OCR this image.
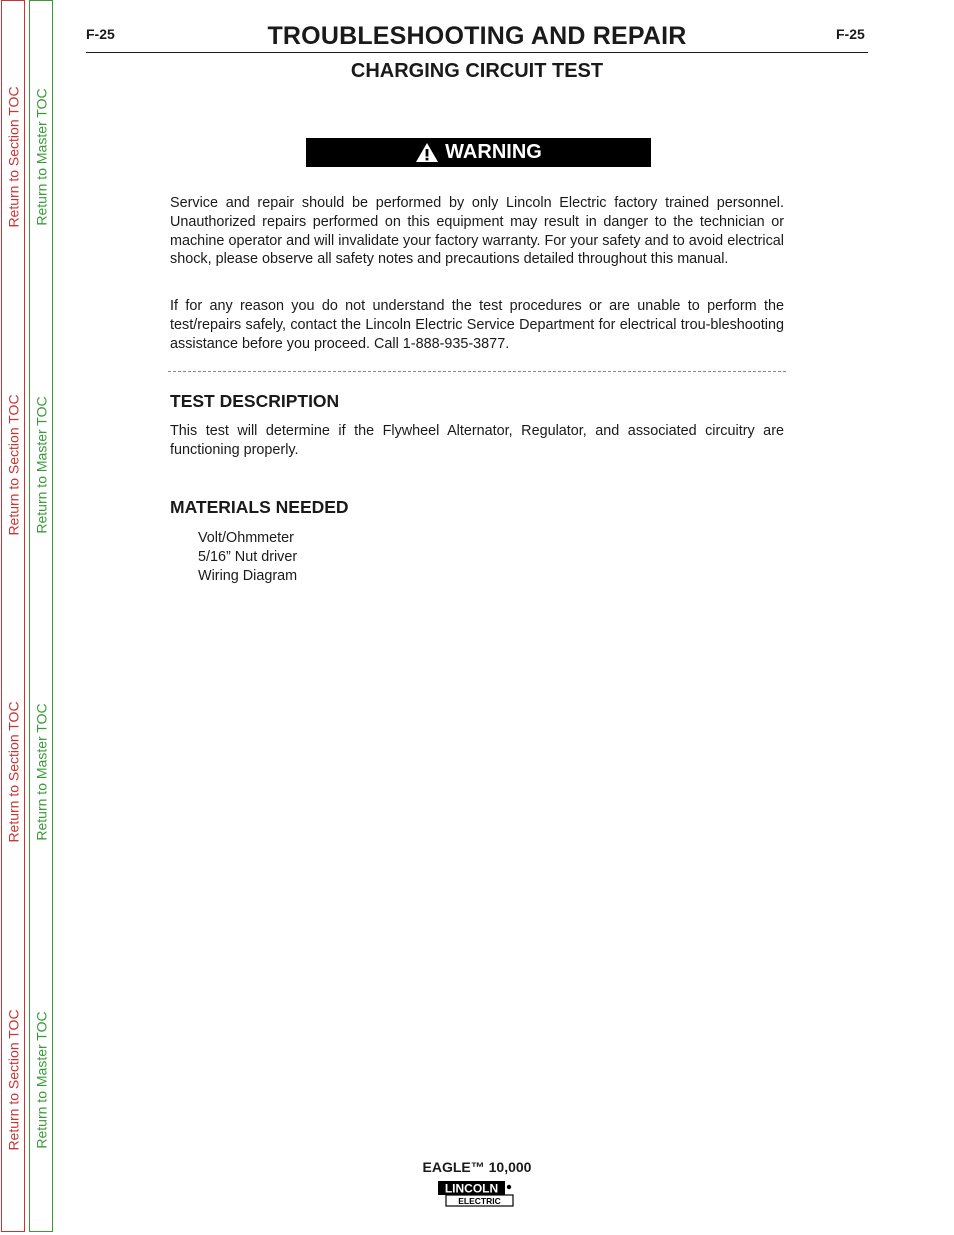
Return to Section TOC
Return to Section TOC
Return to Section TOC
Return to Section TOC
Return to Master TOC
Return to Master TOC
Return to Master TOC
Return to Master TOC
F-25	TROUBLESHOOTING AND REPAIR	F-25
CHARGING CIRCUIT TEST
WARNING

Service and repair should be performed by only Lincoln Electric factory trained personnel. Unauthorized repairs performed on this equipment may result in danger to the technician or machine operator and will invalidate your factory warranty. For your safety and to avoid electrical shock, please observe all safety notes and precautions detailed throughout this manual.

If for any reason you do not understand the test procedures or are unable to perform the test/repairs safely, contact the Lincoln Electric Service Department for electrical trou-bleshooting assistance before you proceed. Call 1-888-935-3877.

TEST DESCRIPTION

This test will determine if the Flywheel Alternator, Regulator, and associated circuitry are functioning properly.

MATERIALS NEEDED
Volt/Ohmmeter
5/16” Nut driver
Wiring Diagram
EAGLE™ 10,000
LINCOLN
ELECTRIC
